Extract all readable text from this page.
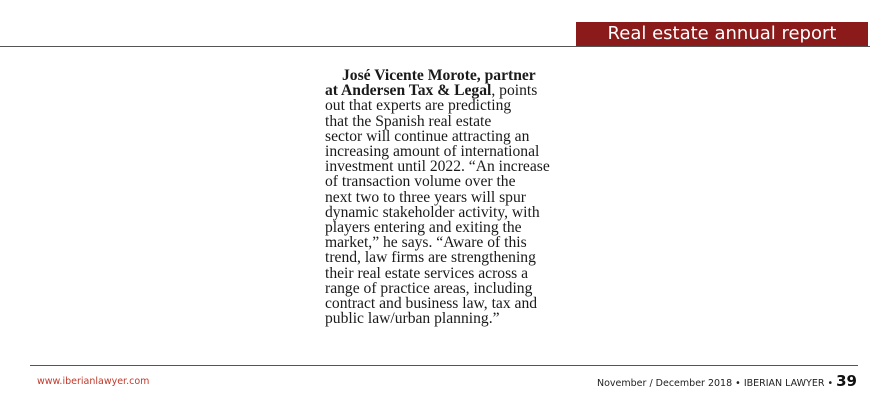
Real estate annual report
José Vicente Morote, partner
at Andersen Tax & Legal, points
out that experts are predicting
that the Spanish real estate
sector will continue attracting an
increasing amount of international
investment until 2022. “An increase
of transaction volume over the
next two to three years will spur
dynamic stakeholder activity, with
players entering and exiting the
market,” he says. “Aware of this
trend, law firms are strengthening
their real estate services across a
range of practice areas, including
contract and business law, tax and
public law/urban planning.”
www.iberianlawyer.com	November / December 2018 • IBERIAN LAWYER • 39
